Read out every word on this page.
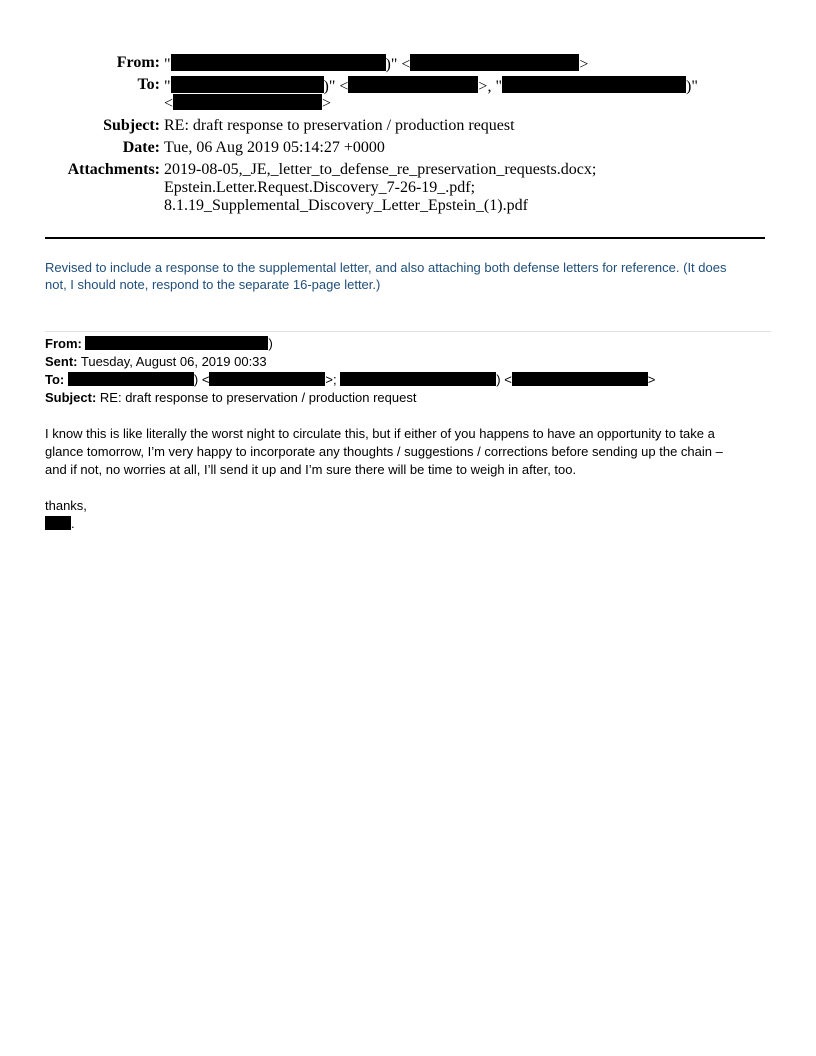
From: "	)" <	>
To: "	)" <	>, "	)"
<	>
Subject: RE: draft response to preservation / production request
Date: Tue, 06 Aug 2019 05:14:27 +0000
Attachments: 2019-08-05,_JE,_letter_to_defense_re_preservation_requests.docx;
Epstein.Letter.Request.Discovery_7-26-19_.pdf;
8.1.19_Supplemental_Discovery_Letter_Epstein_(1).pdf
Revised to include a response to the supplemental letter, and also attaching both defense letters for reference. (It does
not, I should note, respond to the separate 16-page letter.)
From:	)
Sent: Tuesday, August 06, 2019 00:33
To:	) <	>;	) <	>
Subject: RE: draft response to preservation / production request
I know this is like literally the worst night to circulate this, but if either of you happens to have an opportunity to take a
glance tomorrow, I’m very happy to incorporate any thoughts / suggestions / corrections before sending up the chain –
and if not, no worries at all, I’ll send it up and I’m sure there will be time to weigh in after, too.
thanks,
.
